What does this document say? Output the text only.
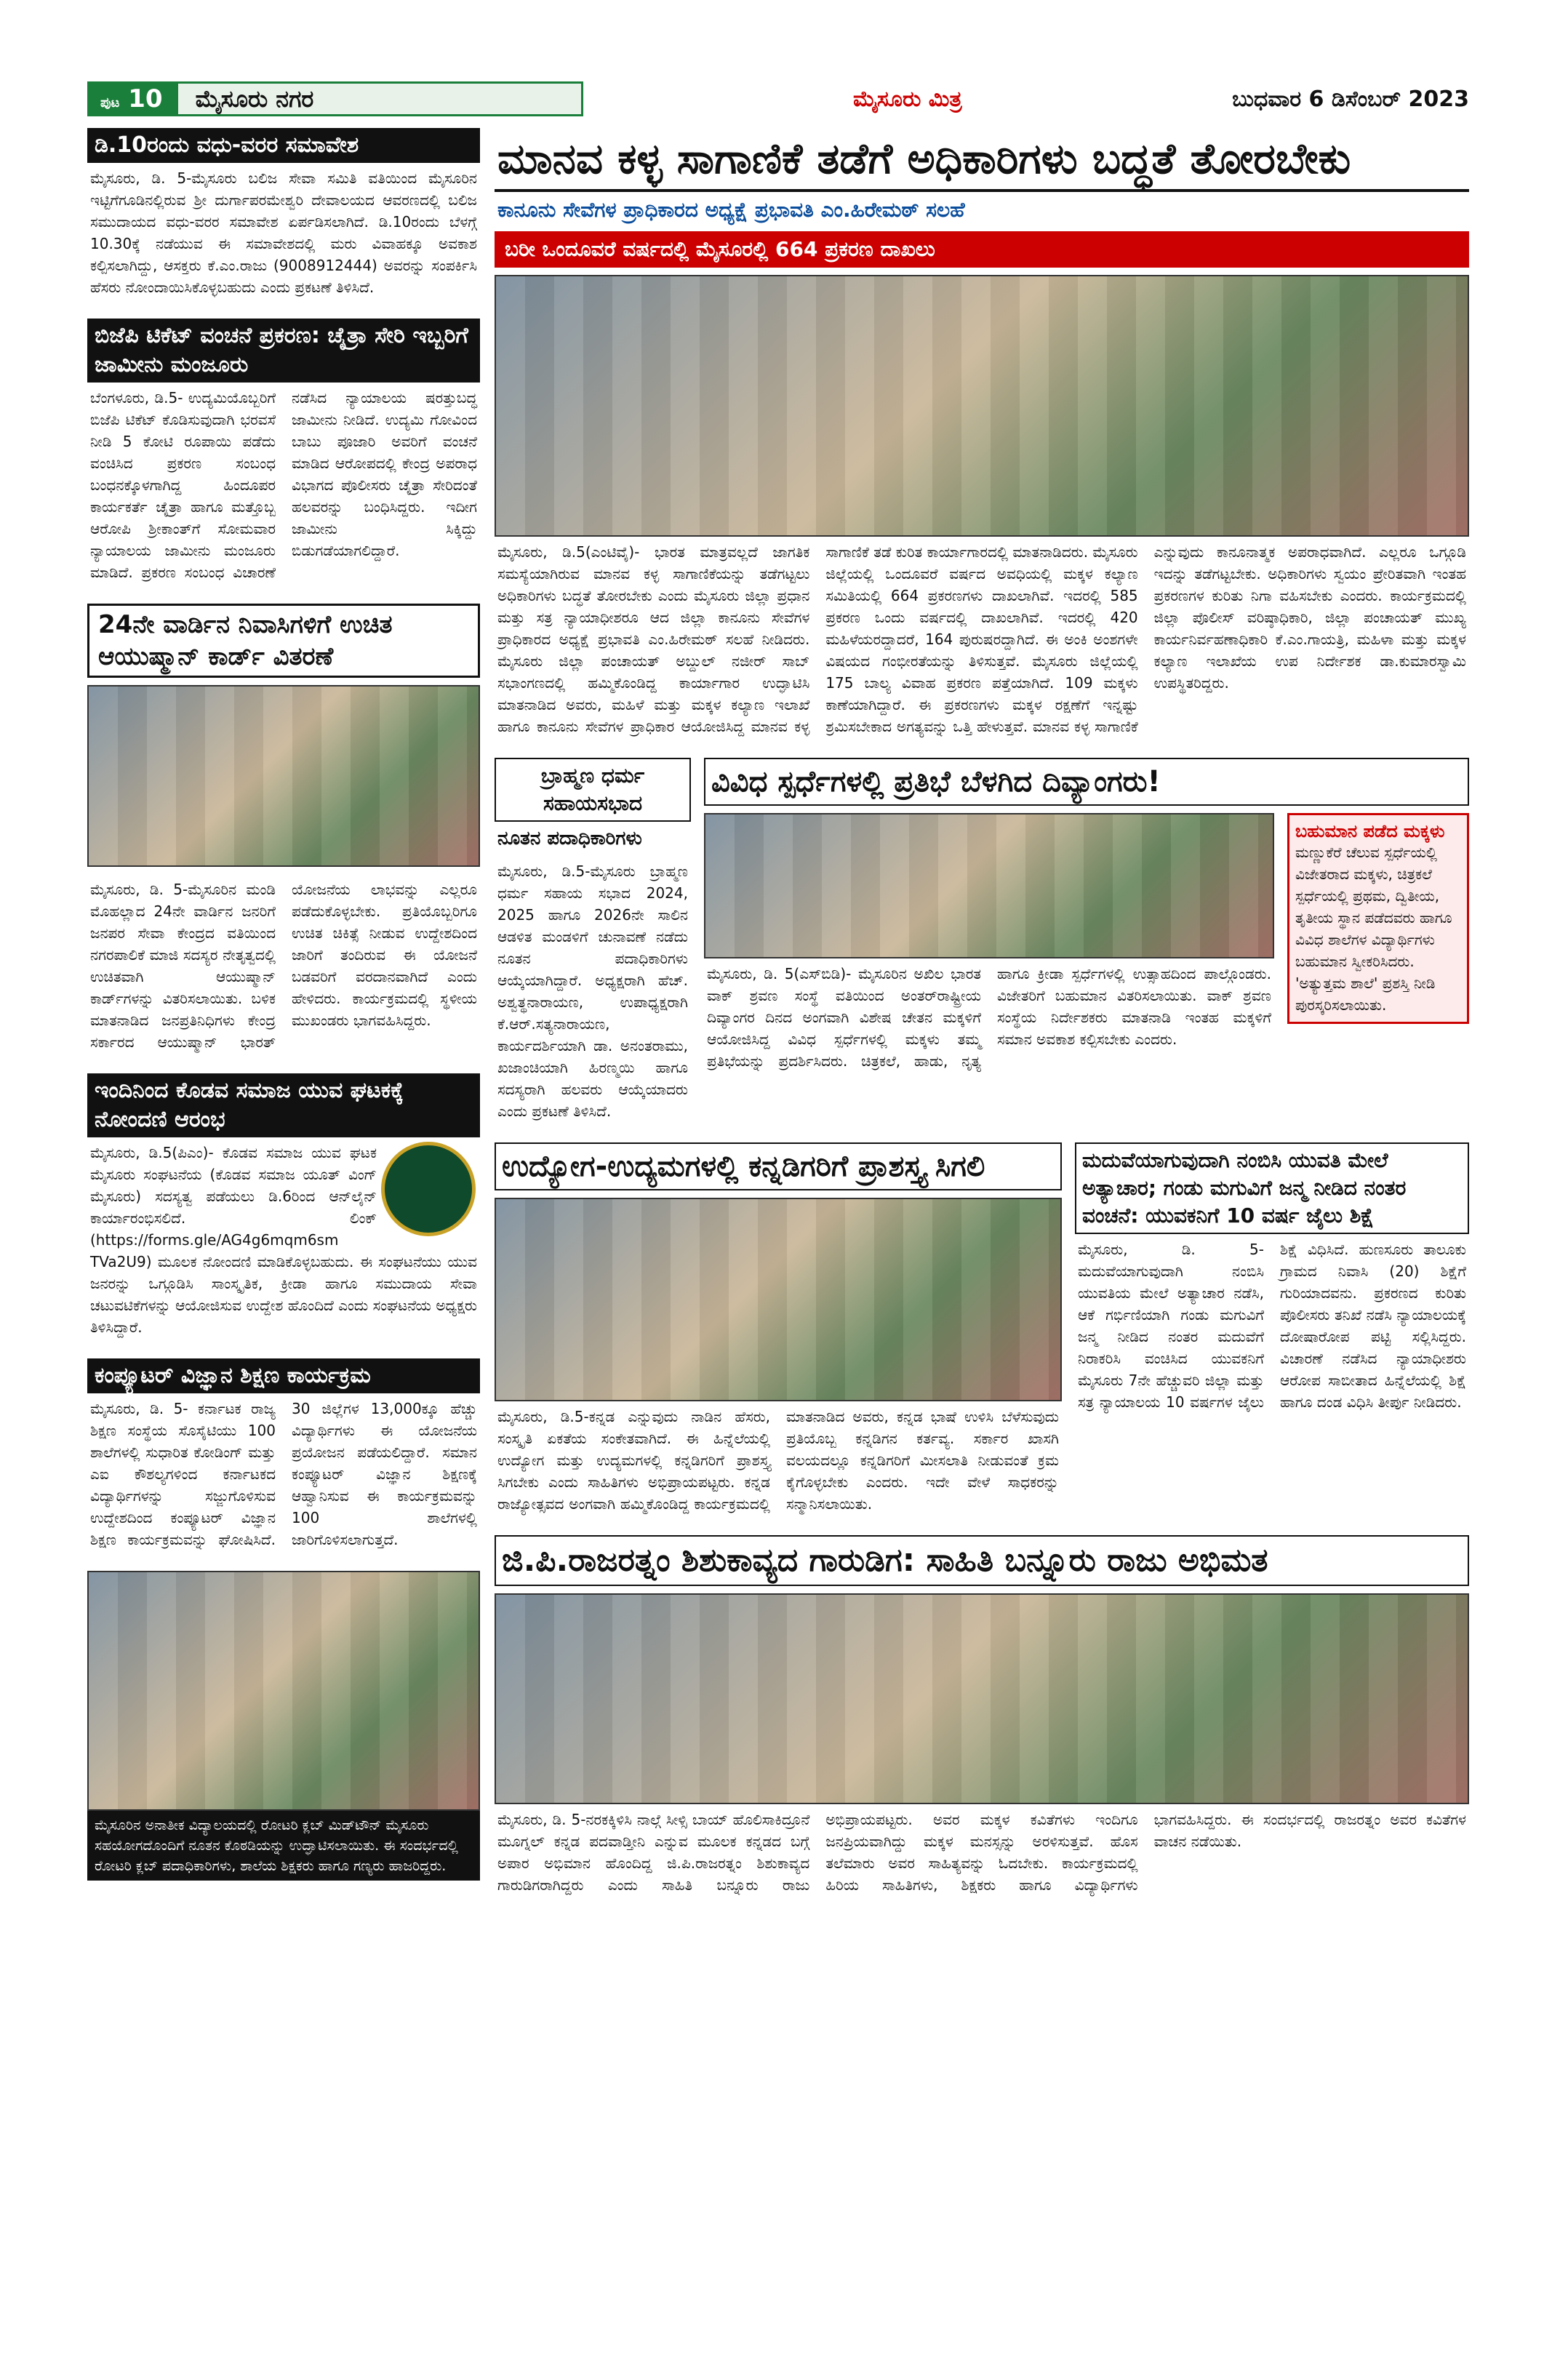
ಪುಟ 10	ಮೈಸೂರು ನಗರ	ಮೈಸೂರು ಮಿತ್ರ	ಬುಧವಾರ 6 ಡಿಸೆಂಬರ್ 2023
ಡಿ.10ರಂದು ವಧು-ವರರ ಸಮಾವೇಶ
ಮೈಸೂರು, ಡಿ. 5-ಮೈಸೂರು ಬಲಿಜ ಸೇವಾ ಸಮಿತಿ ವತಿಯಿಂದ ಮೈಸೂರಿನ ಇಟ್ಟಿಗೆಗೂಡಿನಲ್ಲಿರುವ ಶ್ರೀ ದುರ್ಗಾಪರಮೇಶ್ವರಿ ದೇವಾಲಯದ ಆವರಣದಲ್ಲಿ ಬಲಿಜ ಸಮುದಾಯದ ವಧು-ವರರ ಸಮಾವೇಶ ಏರ್ಪಡಿಸಲಾಗಿದೆ. ಡಿ.10ರಂದು ಬೆಳಗ್ಗೆ 10.30ಕ್ಕೆ ನಡೆಯುವ ಈ ಸಮಾವೇಶದಲ್ಲಿ ಮರು ವಿವಾಹಕ್ಕೂ ಅವಕಾಶ ಕಲ್ಪಿಸಲಾಗಿದ್ದು, ಆಸಕ್ತರು ಕೆ.ಎಂ.ರಾಜು (9008912444) ಅವರನ್ನು ಸಂಪರ್ಕಿಸಿ ಹೆಸರು ನೋಂದಾಯಿಸಿಕೊಳ್ಳಬಹುದು ಎಂದು ಪ್ರಕಟಣೆ ತಿಳಿಸಿದೆ.
ಬಿಜೆಪಿ ಟಿಕೆಟ್ ವಂಚನೆ ಪ್ರಕರಣ: ಚೈತ್ರಾ ಸೇರಿ ಇಬ್ಬರಿಗೆ ಜಾಮೀನು ಮಂಜೂರು
ಬೆಂಗಳೂರು, ಡಿ.5- ಉದ್ಯಮಿಯೊಬ್ಬರಿಗೆ ಬಿಜೆಪಿ ಟಿಕೆಟ್ ಕೊಡಿಸುವುದಾಗಿ ಭರವಸೆ ನೀಡಿ 5 ಕೋಟಿ ರೂಪಾಯಿ ಪಡೆದು ವಂಚಿಸಿದ ಪ್ರಕರಣ ಸಂಬಂಧ ಬಂಧನಕ್ಕೊಳಗಾಗಿದ್ದ ಹಿಂದೂಪರ ಕಾರ್ಯಕರ್ತೆ ಚೈತ್ರಾ ಹಾಗೂ ಮತ್ತೊಬ್ಬ ಆರೋಪಿ ಶ್ರೀಕಾಂತ್‌ಗೆ ಸೋಮವಾರ ನ್ಯಾಯಾಲಯ ಜಾಮೀನು ಮಂಜೂರು ಮಾಡಿದೆ. ಪ್ರಕರಣ ಸಂಬಂಧ ವಿಚಾರಣೆ ನಡೆಸಿದ ನ್ಯಾಯಾಲಯ ಷರತ್ತುಬದ್ಧ ಜಾಮೀನು ನೀಡಿದೆ. ಉದ್ಯಮಿ ಗೋವಿಂದ ಬಾಬು ಪೂಜಾರಿ ಅವರಿಗೆ ವಂಚನೆ ಮಾಡಿದ ಆರೋಪದಲ್ಲಿ ಕೇಂದ್ರ ಅಪರಾಧ ವಿಭಾಗದ ಪೊಲೀಸರು ಚೈತ್ರಾ ಸೇರಿದಂತೆ ಹಲವರನ್ನು ಬಂಧಿಸಿದ್ದರು. ಇದೀಗ ಜಾಮೀನು ಸಿಕ್ಕಿದ್ದು ಬಿಡುಗಡೆಯಾಗಲಿದ್ದಾರೆ.
24ನೇ ವಾರ್ಡಿನ ನಿವಾಸಿಗಳಿಗೆ ಉಚಿತ ಆಯುಷ್ಮಾನ್ ಕಾರ್ಡ್ ವಿತರಣೆ
ಮೈಸೂರು, ಡಿ. 5-ಮೈಸೂರಿನ ಮಂಡಿ ಮೊಹಲ್ಲಾದ 24ನೇ ವಾರ್ಡಿನ ಜನರಿಗೆ ಜನಪರ ಸೇವಾ ಕೇಂದ್ರದ ವತಿಯಿಂದ ನಗರಪಾಲಿಕೆ ಮಾಜಿ ಸದಸ್ಯರ ನೇತೃತ್ವದಲ್ಲಿ ಉಚಿತವಾಗಿ ಆಯುಷ್ಮಾನ್ ಕಾರ್ಡ್‌ಗಳನ್ನು ವಿತರಿಸಲಾಯಿತು. ಬಳಿಕ ಮಾತನಾಡಿದ ಜನಪ್ರತಿನಿಧಿಗಳು ಕೇಂದ್ರ ಸರ್ಕಾರದ ಆಯುಷ್ಮಾನ್ ಭಾರತ್ ಯೋಜನೆಯ ಲಾಭವನ್ನು ಎಲ್ಲರೂ ಪಡೆದುಕೊಳ್ಳಬೇಕು. ಪ್ರತಿಯೊಬ್ಬರಿಗೂ ಉಚಿತ ಚಿಕಿತ್ಸೆ ನೀಡುವ ಉದ್ದೇಶದಿಂದ ಜಾರಿಗೆ ತಂದಿರುವ ಈ ಯೋಜನೆ ಬಡವರಿಗೆ ವರದಾನವಾಗಿದೆ ಎಂದು ಹೇಳಿದರು. ಕಾರ್ಯಕ್ರಮದಲ್ಲಿ ಸ್ಥಳೀಯ ಮುಖಂಡರು ಭಾಗವಹಿಸಿದ್ದರು.
ಇಂದಿನಿಂದ ಕೊಡವ ಸಮಾಜ ಯುವ ಘಟಕಕ್ಕೆ ನೋಂದಣಿ ಆರಂಭ
ಮೈಸೂರು, ಡಿ.5(ಪಿಎಂ)- ಕೊಡವ ಸಮಾಜ ಯುವ ಘಟಕ ಮೈಸೂರು ಸಂಘಟನೆಯ (ಕೊಡವ ಸಮಾಜ ಯೂತ್ ವಿಂಗ್ ಮೈಸೂರು) ಸದಸ್ಯತ್ವ ಪಡೆಯಲು ಡಿ.6ರಿಂದ ಆನ್‌ಲೈನ್ ಕಾರ್ಯಾರಂಭಿಸಲಿದೆ. ಲಿಂಕ್ (https://forms.gle/AG4g6mqm6sm TVa2U9) ಮೂಲಕ ನೋಂದಣಿ ಮಾಡಿಕೊಳ್ಳಬಹುದು. ಈ ಸಂಘಟನೆಯು ಯುವ ಜನರನ್ನು ಒಗ್ಗೂಡಿಸಿ ಸಾಂಸ್ಕೃತಿಕ, ಕ್ರೀಡಾ ಹಾಗೂ ಸಮುದಾಯ ಸೇವಾ ಚಟುವಟಿಕೆಗಳನ್ನು ಆಯೋಜಿಸುವ ಉದ್ದೇಶ ಹೊಂದಿದೆ ಎಂದು ಸಂಘಟನೆಯ ಅಧ್ಯಕ್ಷರು ತಿಳಿಸಿದ್ದಾರೆ.
ಕಂಪ್ಯೂಟರ್ ವಿಜ್ಞಾನ ಶಿಕ್ಷಣ ಕಾರ್ಯಕ್ರಮ
ಮೈಸೂರು, ಡಿ. 5- ಕರ್ನಾಟಕ ರಾಜ್ಯ ಶಿಕ್ಷಣ ಸಂಸ್ಥೆಯ ಸೊಸೈಟಿಯು 100 ಶಾಲೆಗಳಲ್ಲಿ ಸುಧಾರಿತ ಕೋಡಿಂಗ್ ಮತ್ತು ಎಐ ಕೌಶಲ್ಯಗಳಿಂದ ಕರ್ನಾಟಕದ ವಿದ್ಯಾರ್ಥಿಗಳನ್ನು ಸಜ್ಜುಗೊಳಿಸುವ ಉದ್ದೇಶದಿಂದ ಕಂಪ್ಯೂಟರ್ ವಿಜ್ಞಾನ ಶಿಕ್ಷಣ ಕಾರ್ಯಕ್ರಮವನ್ನು ಘೋಷಿಸಿದೆ. 30 ಜಿಲ್ಲೆಗಳ 13,000ಕ್ಕೂ ಹೆಚ್ಚು ವಿದ್ಯಾರ್ಥಿಗಳು ಈ ಯೋಜನೆಯ ಪ್ರಯೋಜನ ಪಡೆಯಲಿದ್ದಾರೆ. ಸಮಾನ ಕಂಪ್ಯೂಟರ್ ವಿಜ್ಞಾನ ಶಿಕ್ಷಣಕ್ಕೆ ಆಹ್ವಾನಿಸುವ ಈ ಕಾರ್ಯಕ್ರಮವನ್ನು 100 ಶಾಲೆಗಳಲ್ಲಿ ಜಾರಿಗೊಳಿಸಲಾಗುತ್ತದೆ.
ಮೈಸೂರಿನ ಅನಾತೀಕ ವಿದ್ಯಾಲಯದಲ್ಲಿ ರೋಟರಿ ಕ್ಲಬ್ ಮಿಡ್‌ಟೌನ್ ಮೈಸೂರು ಸಹಯೋಗದೊಂದಿಗೆ ನೂತನ ಕೊಠಡಿಯನ್ನು ಉದ್ಘಾಟಿಸಲಾಯಿತು. ಈ ಸಂದರ್ಭದಲ್ಲಿ ರೋಟರಿ ಕ್ಲಬ್ ಪದಾಧಿಕಾರಿಗಳು, ಶಾಲೆಯ ಶಿಕ್ಷಕರು ಹಾಗೂ ಗಣ್ಯರು ಹಾಜರಿದ್ದರು.
ಮಾನವ ಕಳ್ಳ ಸಾಗಾಣಿಕೆ ತಡೆಗೆ ಅಧಿಕಾರಿಗಳು ಬದ್ಧತೆ ತೋರಬೇಕು
ಕಾನೂನು ಸೇವೆಗಳ ಪ್ರಾಧಿಕಾರದ ಅಧ್ಯಕ್ಷೆ ಪ್ರಭಾವತಿ ಎಂ.ಹಿರೇಮಠ್ ಸಲಹೆ
ಬರೀ ಒಂದೂವರೆ ವರ್ಷದಲ್ಲಿ ಮೈಸೂರಲ್ಲಿ 664 ಪ್ರಕರಣ ದಾಖಲು
ಮೈಸೂರು, ಡಿ.5(ಎಂಟಿವೈ)- ಭಾರತ ಮಾತ್ರವಲ್ಲದೆ ಜಾಗತಿಕ ಸಮಸ್ಯೆಯಾಗಿರುವ ಮಾನವ ಕಳ್ಳ ಸಾಗಾಣಿಕೆಯನ್ನು ತಡೆಗಟ್ಟಲು ಅಧಿಕಾರಿಗಳು ಬದ್ಧತೆ ತೋರಬೇಕು ಎಂದು ಮೈಸೂರು ಜಿಲ್ಲಾ ಪ್ರಧಾನ ಮತ್ತು ಸತ್ರ ನ್ಯಾಯಾಧೀಶರೂ ಆದ ಜಿಲ್ಲಾ ಕಾನೂನು ಸೇವೆಗಳ ಪ್ರಾಧಿಕಾರದ ಅಧ್ಯಕ್ಷೆ ಪ್ರಭಾವತಿ ಎಂ.ಹಿರೇಮಠ್ ಸಲಹೆ ನೀಡಿದರು. ಮೈಸೂರು ಜಿಲ್ಲಾ ಪಂಚಾಯತ್ ಅಬ್ದುಲ್ ನಜೀರ್ ಸಾಬ್ ಸಭಾಂಗಣದಲ್ಲಿ ಹಮ್ಮಿಕೊಂಡಿದ್ದ ಕಾರ್ಯಾಗಾರ ಉದ್ಘಾಟಿಸಿ ಮಾತನಾಡಿದ ಅವರು, ಮಹಿಳೆ ಮತ್ತು ಮಕ್ಕಳ ಕಲ್ಯಾಣ ಇಲಾಖೆ ಹಾಗೂ ಕಾನೂನು ಸೇವೆಗಳ ಪ್ರಾಧಿಕಾರ ಆಯೋಜಿಸಿದ್ದ ಮಾನವ ಕಳ್ಳ ಸಾಗಾಣಿಕೆ ತಡೆ ಕುರಿತ ಕಾರ್ಯಾಗಾರದಲ್ಲಿ ಮಾತನಾಡಿದರು. ಮೈಸೂರು ಜಿಲ್ಲೆಯಲ್ಲಿ ಒಂದೂವರೆ ವರ್ಷದ ಅವಧಿಯಲ್ಲಿ ಮಕ್ಕಳ ಕಲ್ಯಾಣ ಸಮಿತಿಯಲ್ಲಿ 664 ಪ್ರಕರಣಗಳು ದಾಖಲಾಗಿವೆ. ಇದರಲ್ಲಿ 585 ಪ್ರಕರಣ ಒಂದು ವರ್ಷದಲ್ಲಿ ದಾಖಲಾಗಿವೆ. ಇದರಲ್ಲಿ 420 ಮಹಿಳೆಯರದ್ದಾದರೆ, 164 ಪುರುಷರದ್ದಾಗಿದೆ. ಈ ಅಂಕಿ ಅಂಶಗಳೇ ವಿಷಯದ ಗಂಭೀರತೆಯನ್ನು ತಿಳಿಸುತ್ತವೆ. ಮೈಸೂರು ಜಿಲ್ಲೆಯಲ್ಲಿ 175 ಬಾಲ್ಯ ವಿವಾಹ ಪ್ರಕರಣ ಪತ್ತೆಯಾಗಿದೆ. 109 ಮಕ್ಕಳು ಕಾಣೆಯಾಗಿದ್ದಾರೆ. ಈ ಪ್ರಕರಣಗಳು ಮಕ್ಕಳ ರಕ್ಷಣೆಗೆ ಇನ್ನಷ್ಟು ಶ್ರಮಿಸಬೇಕಾದ ಅಗತ್ಯವನ್ನು ಒತ್ತಿ ಹೇಳುತ್ತವೆ. ಮಾನವ ಕಳ್ಳ ಸಾಗಾಣಿಕೆ ಎನ್ನುವುದು ಕಾನೂನಾತ್ಮಕ ಅಪರಾಧವಾಗಿದೆ. ಎಲ್ಲರೂ ಒಗ್ಗೂಡಿ ಇದನ್ನು ತಡೆಗಟ್ಟಬೇಕು. ಅಧಿಕಾರಿಗಳು ಸ್ವಯಂ ಪ್ರೇರಿತವಾಗಿ ಇಂತಹ ಪ್ರಕರಣಗಳ ಕುರಿತು ನಿಗಾ ವಹಿಸಬೇಕು ಎಂದರು. ಕಾರ್ಯಕ್ರಮದಲ್ಲಿ ಜಿಲ್ಲಾ ಪೊಲೀಸ್ ವರಿಷ್ಠಾಧಿಕಾರಿ, ಜಿಲ್ಲಾ ಪಂಚಾಯತ್ ಮುಖ್ಯ ಕಾರ್ಯನಿರ್ವಹಣಾಧಿಕಾರಿ ಕೆ.ಎಂ.ಗಾಯತ್ರಿ, ಮಹಿಳಾ ಮತ್ತು ಮಕ್ಕಳ ಕಲ್ಯಾಣ ಇಲಾಖೆಯ ಉಪ ನಿರ್ದೇಶಕ ಡಾ.ಕುಮಾರಸ್ವಾಮಿ ಉಪಸ್ಥಿತರಿದ್ದರು.
ಬ್ರಾಹ್ಮಣ ಧರ್ಮ ಸಹಾಯಸಭಾದ
ನೂತನ ಪದಾಧಿಕಾರಿಗಳು
ಮೈಸೂರು, ಡಿ.5-ಮೈಸೂರು ಬ್ರಾಹ್ಮಣ ಧರ್ಮ ಸಹಾಯ ಸಭಾದ 2024, 2025 ಹಾಗೂ 2026ನೇ ಸಾಲಿನ ಆಡಳಿತ ಮಂಡಳಿಗೆ ಚುನಾವಣೆ ನಡೆದು ನೂತನ ಪದಾಧಿಕಾರಿಗಳು ಆಯ್ಕೆಯಾಗಿದ್ದಾರೆ. ಅಧ್ಯಕ್ಷರಾಗಿ ಹೆಚ್. ಅಶ್ವತ್ಥನಾರಾಯಣ, ಉಪಾಧ್ಯಕ್ಷರಾಗಿ ಕೆ.ಆರ್.ಸತ್ಯನಾರಾಯಣ, ಕಾರ್ಯದರ್ಶಿಯಾಗಿ ಡಾ. ಅನಂತರಾಮು, ಖಜಾಂಚಿಯಾಗಿ ಹಿರಣ್ಮಯಿ ಹಾಗೂ ಸದಸ್ಯರಾಗಿ ಹಲವರು ಆಯ್ಕೆಯಾದರು ಎಂದು ಪ್ರಕಟಣೆ ತಿಳಿಸಿದೆ.
ವಿವಿಧ ಸ್ಪರ್ಧೆಗಳಲ್ಲಿ ಪ್ರತಿಭೆ ಬೆಳಗಿದ ದಿವ್ಯಾಂಗರು!
ಮೈಸೂರು, ಡಿ. 5(ಎಸ್‌ಬಿಡಿ)- ಮೈಸೂರಿನ ಅಖಿಲ ಭಾರತ ವಾಕ್ ಶ್ರವಣ ಸಂಸ್ಥೆ ವತಿಯಿಂದ ಅಂತರ್‌ರಾಷ್ಟ್ರೀಯ ದಿವ್ಯಾಂಗರ ದಿನದ ಅಂಗವಾಗಿ ವಿಶೇಷ ಚೇತನ ಮಕ್ಕಳಿಗೆ ಆಯೋಜಿಸಿದ್ದ ವಿವಿಧ ಸ್ಪರ್ಧೆಗಳಲ್ಲಿ ಮಕ್ಕಳು ತಮ್ಮ ಪ್ರತಿಭೆಯನ್ನು ಪ್ರದರ್ಶಿಸಿದರು. ಚಿತ್ರಕಲೆ, ಹಾಡು, ನೃತ್ಯ ಹಾಗೂ ಕ್ರೀಡಾ ಸ್ಪರ್ಧೆಗಳಲ್ಲಿ ಉತ್ಸಾಹದಿಂದ ಪಾಲ್ಗೊಂಡರು. ವಿಜೇತರಿಗೆ ಬಹುಮಾನ ವಿತರಿಸಲಾಯಿತು. ವಾಕ್ ಶ್ರವಣ ಸಂಸ್ಥೆಯ ನಿರ್ದೇಶಕರು ಮಾತನಾಡಿ ಇಂತಹ ಮಕ್ಕಳಿಗೆ ಸಮಾನ ಅವಕಾಶ ಕಲ್ಪಿಸಬೇಕು ಎಂದರು.
ಬಹುಮಾನ ಪಡೆದ ಮಕ್ಕಳು
ಮಣ್ಣುಕೆರೆ ಚೆಲುವ ಸ್ಪರ್ಧೆಯಲ್ಲಿ ವಿಜೇತರಾದ ಮಕ್ಕಳು, ಚಿತ್ರಕಲೆ ಸ್ಪರ್ಧೆಯಲ್ಲಿ ಪ್ರಥಮ, ದ್ವಿತೀಯ, ತೃತೀಯ ಸ್ಥಾನ ಪಡೆದವರು ಹಾಗೂ ವಿವಿಧ ಶಾಲೆಗಳ ವಿದ್ಯಾರ್ಥಿಗಳು ಬಹುಮಾನ ಸ್ವೀಕರಿಸಿದರು. 'ಅತ್ಯುತ್ತಮ ಶಾಲೆ' ಪ್ರಶಸ್ತಿ ನೀಡಿ ಪುರಸ್ಕರಿಸಲಾಯಿತು.
ಉದ್ಯೋಗ-ಉದ್ಯಮಗಳಲ್ಲಿ ಕನ್ನಡಿಗರಿಗೆ ಪ್ರಾಶಸ್ತ್ಯ ಸಿಗಲಿ
ಮೈಸೂರು, ಡಿ.5-ಕನ್ನಡ ಎನ್ನುವುದು ನಾಡಿನ ಹೆಸರು, ಸಂಸ್ಕೃತಿ ಏಕತೆಯ ಸಂಕೇತವಾಗಿದೆ. ಈ ಹಿನ್ನೆಲೆಯಲ್ಲಿ ಉದ್ಯೋಗ ಮತ್ತು ಉದ್ಯಮಗಳಲ್ಲಿ ಕನ್ನಡಿಗರಿಗೆ ಪ್ರಾಶಸ್ತ್ಯ ಸಿಗಬೇಕು ಎಂದು ಸಾಹಿತಿಗಳು ಅಭಿಪ್ರಾಯಪಟ್ಟರು. ಕನ್ನಡ ರಾಜ್ಯೋತ್ಸವದ ಅಂಗವಾಗಿ ಹಮ್ಮಿಕೊಂಡಿದ್ದ ಕಾರ್ಯಕ್ರಮದಲ್ಲಿ ಮಾತನಾಡಿದ ಅವರು, ಕನ್ನಡ ಭಾಷೆ ಉಳಿಸಿ ಬೆಳೆಸುವುದು ಪ್ರತಿಯೊಬ್ಬ ಕನ್ನಡಿಗನ ಕರ್ತವ್ಯ. ಸರ್ಕಾರ ಖಾಸಗಿ ವಲಯದಲ್ಲೂ ಕನ್ನಡಿಗರಿಗೆ ಮೀಸಲಾತಿ ನೀಡುವಂತೆ ಕ್ರಮ ಕೈಗೊಳ್ಳಬೇಕು ಎಂದರು. ಇದೇ ವೇಳೆ ಸಾಧಕರನ್ನು ಸನ್ಮಾನಿಸಲಾಯಿತು.
ಮದುವೆಯಾಗುವುದಾಗಿ ನಂಬಿಸಿ ಯುವತಿ ಮೇಲೆ ಅತ್ಯಾಚಾರ; ಗಂಡು ಮಗುವಿಗೆ ಜನ್ಮ ನೀಡಿದ ನಂತರ ವಂಚನೆ: ಯುವಕನಿಗೆ 10 ವರ್ಷ ಜೈಲು ಶಿಕ್ಷೆ
ಮೈಸೂರು, ಡಿ. 5-ಮದುವೆಯಾಗುವುದಾಗಿ ನಂಬಿಸಿ ಯುವತಿಯ ಮೇಲೆ ಅತ್ಯಾಚಾರ ನಡೆಸಿ, ಆಕೆ ಗರ್ಭಿಣಿಯಾಗಿ ಗಂಡು ಮಗುವಿಗೆ ಜನ್ಮ ನೀಡಿದ ನಂತರ ಮದುವೆಗೆ ನಿರಾಕರಿಸಿ ವಂಚಿಸಿದ ಯುವಕನಿಗೆ ಮೈಸೂರು 7ನೇ ಹೆಚ್ಚುವರಿ ಜಿಲ್ಲಾ ಮತ್ತು ಸತ್ರ ನ್ಯಾಯಾಲಯ 10 ವರ್ಷಗಳ ಜೈಲು ಶಿಕ್ಷೆ ವಿಧಿಸಿದೆ. ಹುಣಸೂರು ತಾಲೂಕು ಗ್ರಾಮದ ನಿವಾಸಿ (20) ಶಿಕ್ಷೆಗೆ ಗುರಿಯಾದವನು. ಪ್ರಕರಣದ ಕುರಿತು ಪೊಲೀಸರು ತನಿಖೆ ನಡೆಸಿ ನ್ಯಾಯಾಲಯಕ್ಕೆ ದೋಷಾರೋಪ ಪಟ್ಟಿ ಸಲ್ಲಿಸಿದ್ದರು. ವಿಚಾರಣೆ ನಡೆಸಿದ ನ್ಯಾಯಾಧೀಶರು ಆರೋಪ ಸಾಬೀತಾದ ಹಿನ್ನೆಲೆಯಲ್ಲಿ ಶಿಕ್ಷೆ ಹಾಗೂ ದಂಡ ವಿಧಿಸಿ ತೀರ್ಪು ನೀಡಿದರು.
ಜಿ.ಪಿ.ರಾಜರತ್ನಂ ಶಿಶುಕಾವ್ಯದ ಗಾರುಡಿಗ: ಸಾಹಿತಿ ಬನ್ನೂರು ರಾಜು ಅಭಿಮತ
ಮೈಸೂರು, ಡಿ. 5-ನರಕಕ್ಕಿಳಿಸಿ ನಾಲ್ಗೆ ಸೀಳ್ಸಿ ಬಾಯ್ ಹೊಲಿಸಾಕಿದ್ರೂನೆ ಮೂಗ್ನಲ್ ಕನ್ನಡ ಪದವಾಡ್ತೀನಿ ಎನ್ನುವ ಮೂಲಕ ಕನ್ನಡದ ಬಗ್ಗೆ ಅಪಾರ ಅಭಿಮಾನ ಹೊಂದಿದ್ದ ಜಿ.ಪಿ.ರಾಜರತ್ನಂ ಶಿಶುಕಾವ್ಯದ ಗಾರುಡಿಗರಾಗಿದ್ದರು ಎಂದು ಸಾಹಿತಿ ಬನ್ನೂರು ರಾಜು ಅಭಿಪ್ರಾಯಪಟ್ಟರು. ಅವರ ಮಕ್ಕಳ ಕವಿತೆಗಳು ಇಂದಿಗೂ ಜನಪ್ರಿಯವಾಗಿದ್ದು ಮಕ್ಕಳ ಮನಸ್ಸನ್ನು ಅರಳಿಸುತ್ತವೆ. ಹೊಸ ತಲೆಮಾರು ಅವರ ಸಾಹಿತ್ಯವನ್ನು ಓದಬೇಕು. ಕಾರ್ಯಕ್ರಮದಲ್ಲಿ ಹಿರಿಯ ಸಾಹಿತಿಗಳು, ಶಿಕ್ಷಕರು ಹಾಗೂ ವಿದ್ಯಾರ್ಥಿಗಳು ಭಾಗವಹಿಸಿದ್ದರು. ಈ ಸಂದರ್ಭದಲ್ಲಿ ರಾಜರತ್ನಂ ಅವರ ಕವಿತೆಗಳ ವಾಚನ ನಡೆಯಿತು.
